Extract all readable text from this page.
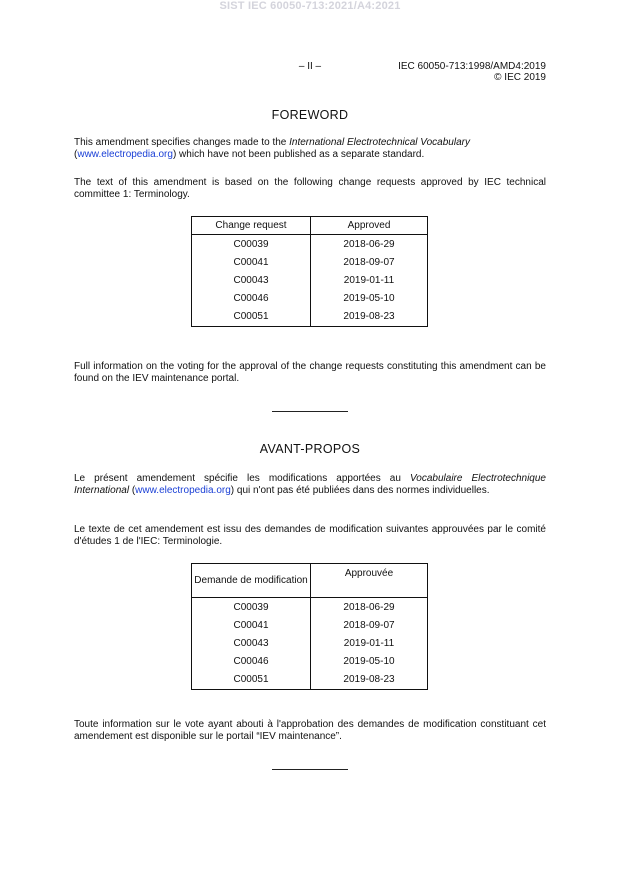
SIST IEC 60050-713:2021/A4:2021
– II –	IEC 60050-713:1998/AMD4:2019
© IEC 2019
FOREWORD

This amendment specifies changes made to the International Electrotechnical Vocabulary
(www.electropedia.org) which have not been published as a separate standard.

The text of this amendment is based on the following change requests approved by IEC technical committee 1: Terminology.

Change request	Approved
C00039	2018-06-29
C00041	2018-09-07
C00043	2019-01-11
C00046	2019-05-10
C00051	2019-08-23

Full information on the voting for the approval of the change requests constituting this amendment can be found on the IEV maintenance portal.

AVANT-PROPOS

Le présent amendement spécifie les modifications apportées au Vocabulaire Electrotechnique International (www.electropedia.org) qui n'ont pas été publiées dans des normes individuelles.

Le texte de cet amendement est issu des demandes de modification suivantes approuvées par le comité d'études 1 de l'IEC: Terminologie.

Demande de modification	Approuvée
C00039	2018-06-29
C00041	2018-09-07
C00043	2019-01-11
C00046	2019-05-10
C00051	2019-08-23

Toute information sur le vote ayant abouti à l'approbation des demandes de modification constituant cet amendement est disponible sur le portail “IEV maintenance”.
